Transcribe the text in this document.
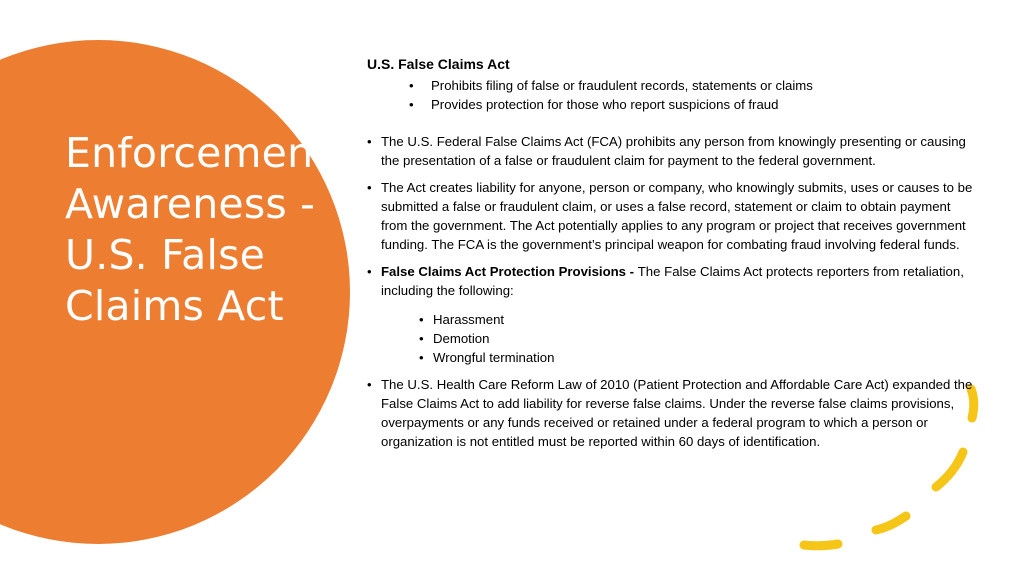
Enforcement Awareness - U.S. False Claims Act
U.S. False Claims Act
• Prohibits filing of false or fraudulent records, statements or claims
• Provides protection for those who report suspicions of fraud
• The U.S. Federal False Claims Act (FCA) prohibits any person from knowingly presenting or causing the presentation of a false or fraudulent claim for payment to the federal government.
• The Act creates liability for anyone, person or company, who knowingly submits, uses or causes to be submitted a false or fraudulent claim, or uses a false record, statement or claim to obtain payment from the government. The Act potentially applies to any program or project that receives government funding. The FCA is the government’s principal weapon for combating fraud involving federal funds.
• False Claims Act Protection Provisions - The False Claims Act protects reporters from retaliation, including the following:
• Harassment
• Demotion
• Wrongful termination
• The U.S. Health Care Reform Law of 2010 (Patient Protection and Affordable Care Act) expanded the False Claims Act to add liability for reverse false claims. Under the reverse false claims provisions, overpayments or any funds received or retained under a federal program to which a person or organization is not entitled must be reported within 60 days of identification.
